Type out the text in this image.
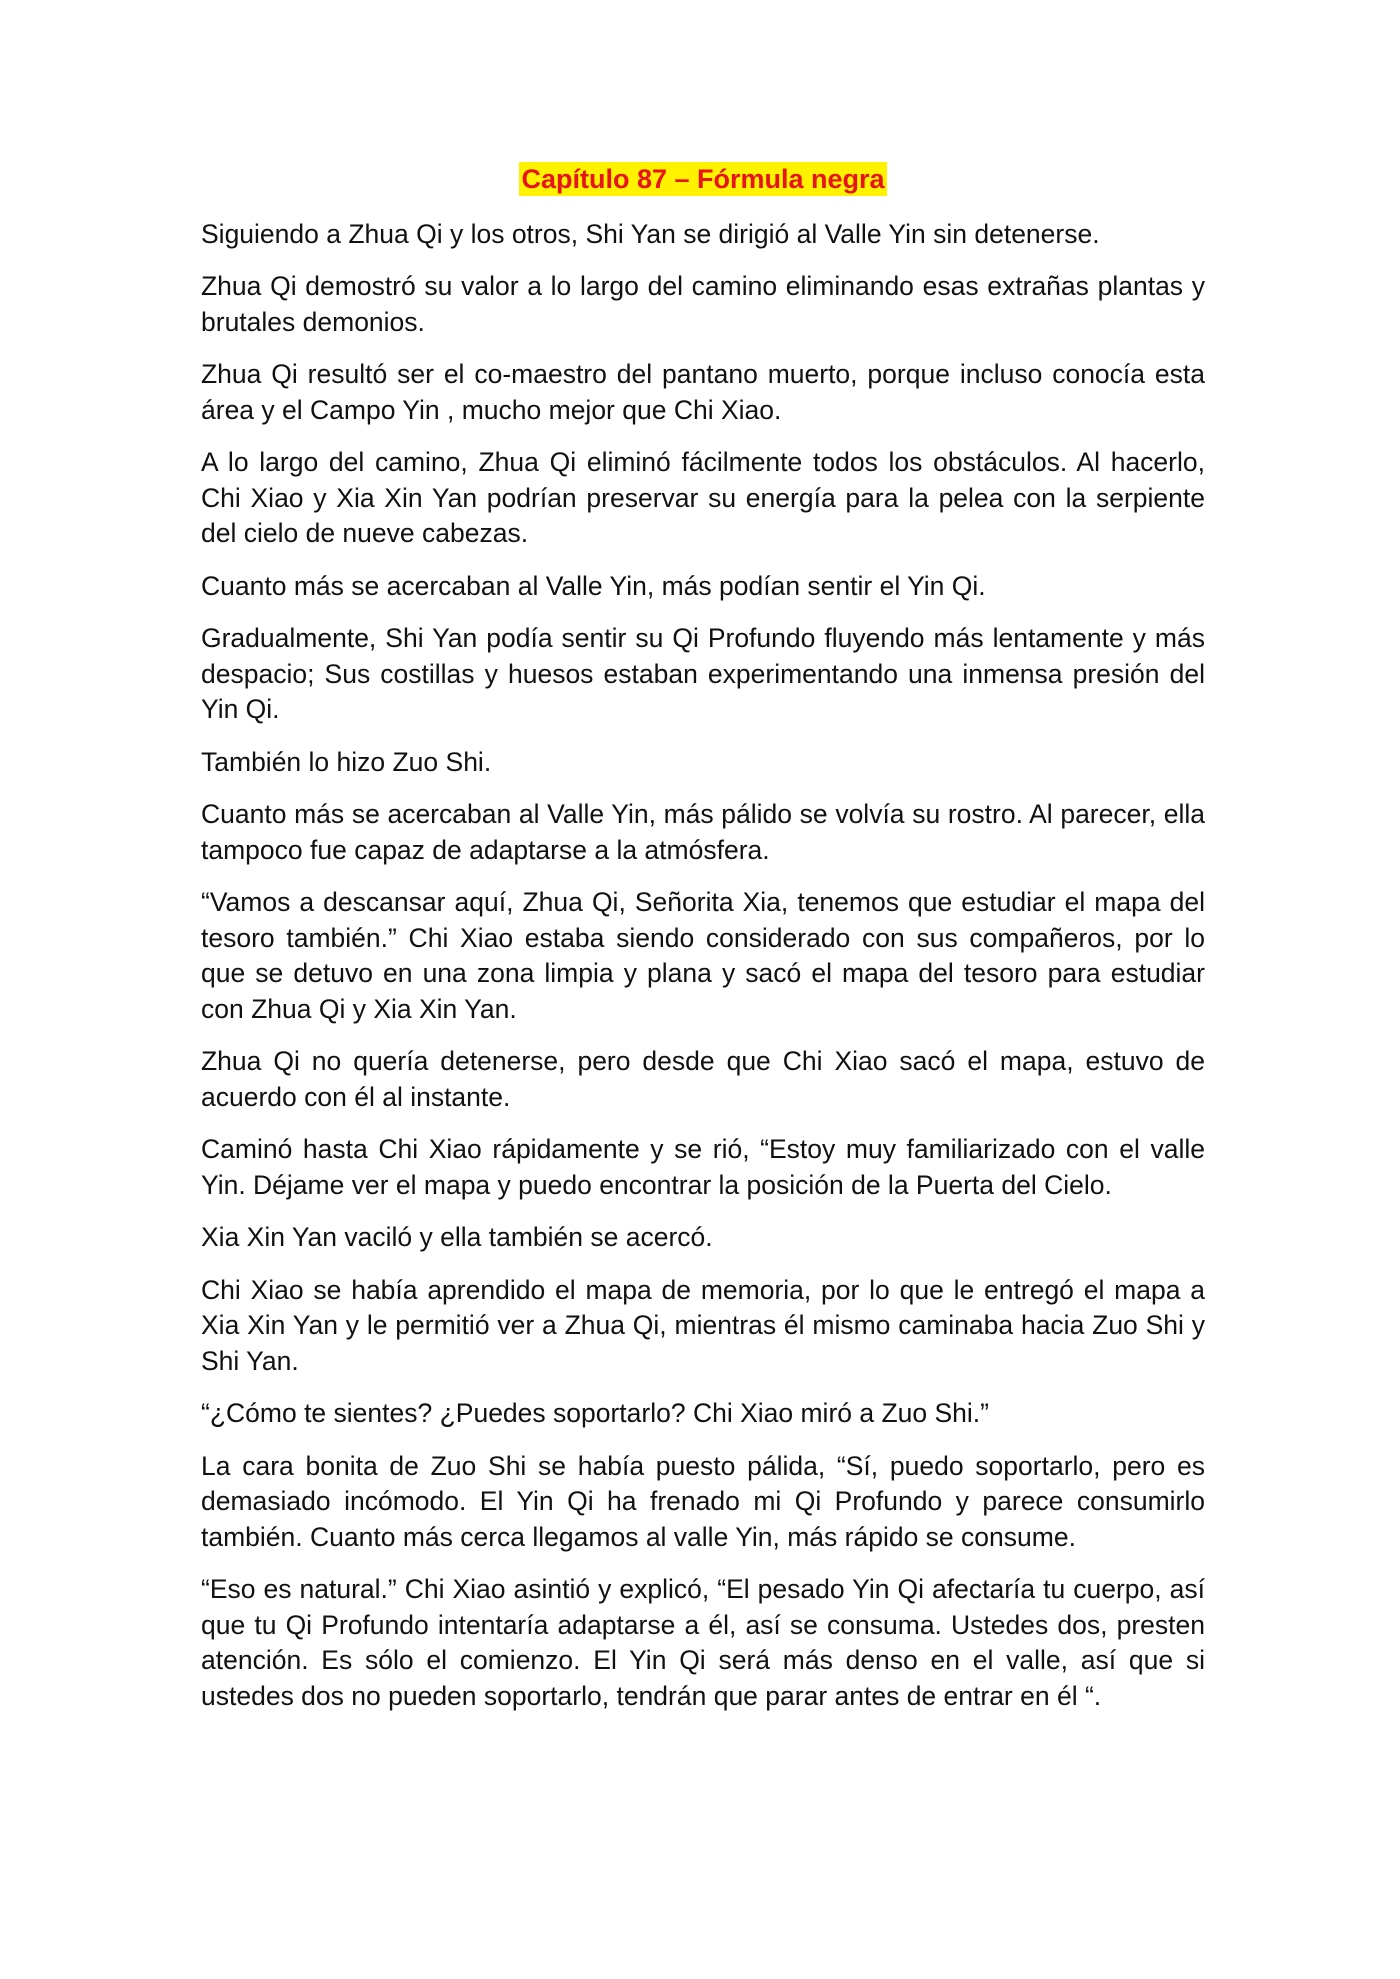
Capítulo 87 – Fórmula negra

Siguiendo a Zhua Qi y los otros, Shi Yan se dirigió al Valle Yin sin detenerse.

Zhua Qi demostró su valor a lo largo del camino eliminando esas extrañas plantas y brutales demonios.

Zhua Qi resultó ser el co-maestro del pantano muerto, porque incluso conocía esta área y el Campo Yin , mucho mejor que Chi Xiao.

A lo largo del camino, Zhua Qi eliminó fácilmente todos los obstáculos. Al hacerlo, Chi Xiao y Xia Xin Yan podrían preservar su energía para la pelea con la serpiente del cielo de nueve cabezas.

Cuanto más se acercaban al Valle Yin, más podían sentir el Yin Qi.

Gradualmente, Shi Yan podía sentir su Qi Profundo fluyendo más lentamente y más despacio; Sus costillas y huesos estaban experimentando una inmensa presión del Yin Qi.

También lo hizo Zuo Shi.

Cuanto más se acercaban al Valle Yin, más pálido se volvía su rostro. Al parecer, ella tampoco fue capaz de adaptarse a la atmósfera.

“Vamos a descansar aquí, Zhua Qi, Señorita Xia, tenemos que estudiar el mapa del tesoro también.” Chi Xiao estaba siendo considerado con sus compañeros, por lo que se detuvo en una zona limpia y plana y sacó el mapa del tesoro para estudiar con Zhua Qi y Xia Xin Yan.

Zhua Qi no quería detenerse, pero desde que Chi Xiao sacó el mapa, estuvo de acuerdo con él al instante.

Caminó hasta Chi Xiao rápidamente y se rió, “Estoy muy familiarizado con el valle Yin. Déjame ver el mapa y puedo encontrar la posición de la Puerta del Cielo.

Xia Xin Yan vaciló y ella también se acercó.

Chi Xiao se había aprendido el mapa de memoria, por lo que le entregó el mapa a Xia Xin Yan y le permitió ver a Zhua Qi, mientras él mismo caminaba hacia Zuo Shi y Shi Yan.

“¿Cómo te sientes? ¿Puedes soportarlo? Chi Xiao miró a Zuo Shi.”

La cara bonita de Zuo Shi se había puesto pálida, “Sí, puedo soportarlo, pero es demasiado incómodo. El Yin Qi ha frenado mi Qi Profundo y parece consumirlo también. Cuanto más cerca llegamos al valle Yin, más rápido se consume.

“Eso es natural.” Chi Xiao asintió y explicó, “El pesado Yin Qi afectaría tu cuerpo, así que tu Qi Profundo intentaría adaptarse a él, así se consuma. Ustedes dos, presten atención. Es sólo el comienzo. El Yin Qi será más denso en el valle, así que si ustedes dos no pueden soportarlo, tendrán que parar antes de entrar en él “.
